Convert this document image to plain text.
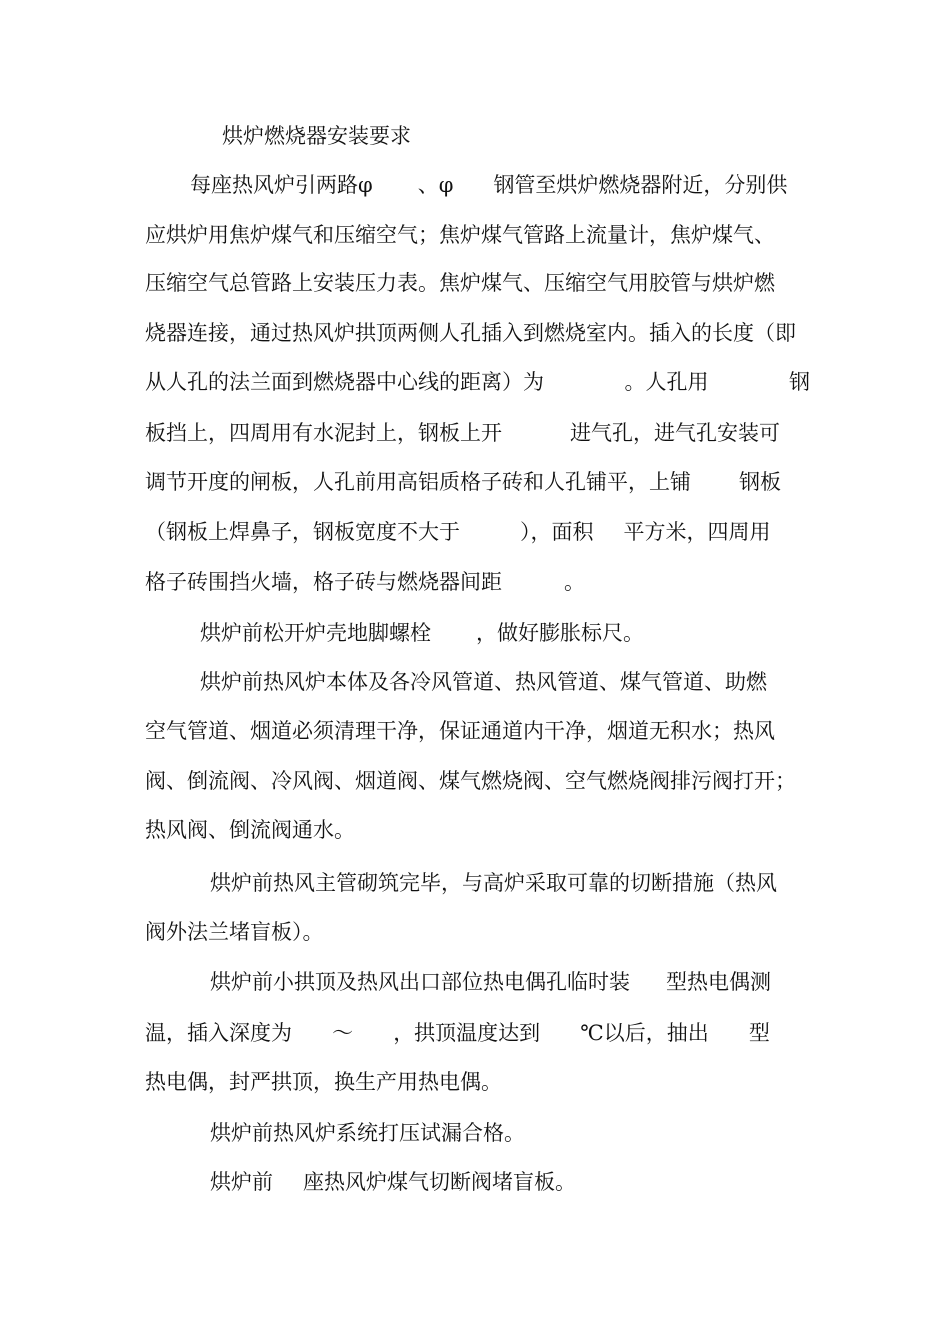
烘炉燃烧器安装要求
每座热风炉引两路φ 、φ 钢管至烘炉燃烧器附近，分别供
应烘炉用焦炉煤气和压缩空气；焦炉煤气管路上流量计，焦炉煤气、
压缩空气总管路上安装压力表。焦炉煤气、压缩空气用胶管与烘炉燃
烧器连接，通过热风炉拱顶两侧人孔插入到燃烧室内。插入的长度（即
从人孔的法兰面到燃烧器中心线的距离）为	。人孔用	钢
板挡上，四周用有水泥封上，钢板上开	进气孔，进气孔安装可
调节开度的闸板，人孔前用高铝质格子砖和人孔铺平，上铺 钢板
（钢板上焊鼻子，钢板宽度不大于	），面积 平方米，四周用
格子砖围挡火墙，格子砖与燃烧器间距	。
烘炉前松开炉壳地脚螺栓 ，做好膨胀标尺。
烘炉前热风炉本体及各冷风管道、热风管道、煤气管道、助燃
空气管道、烟道必须清理干净，保证通道内干净，烟道无积水；热风
阀、倒流阀、冷风阀、烟道阀、煤气燃烧阀、空气燃烧阀排污阀打开；
热风阀、倒流阀通水。
烘炉前热风主管砌筑完毕，与高炉采取可靠的切断措施（热风
阀外法兰堵盲板）。
烘炉前小拱顶及热风出口部位热电偶孔临时装 型热电偶测
温，插入深度为 ～ ，拱顶温度达到 ℃以后，抽出 型
热电偶，封严拱顶，换生产用热电偶。
烘炉前热风炉系统打压试漏合格。
烘炉前 座热风炉煤气切断阀堵盲板。
